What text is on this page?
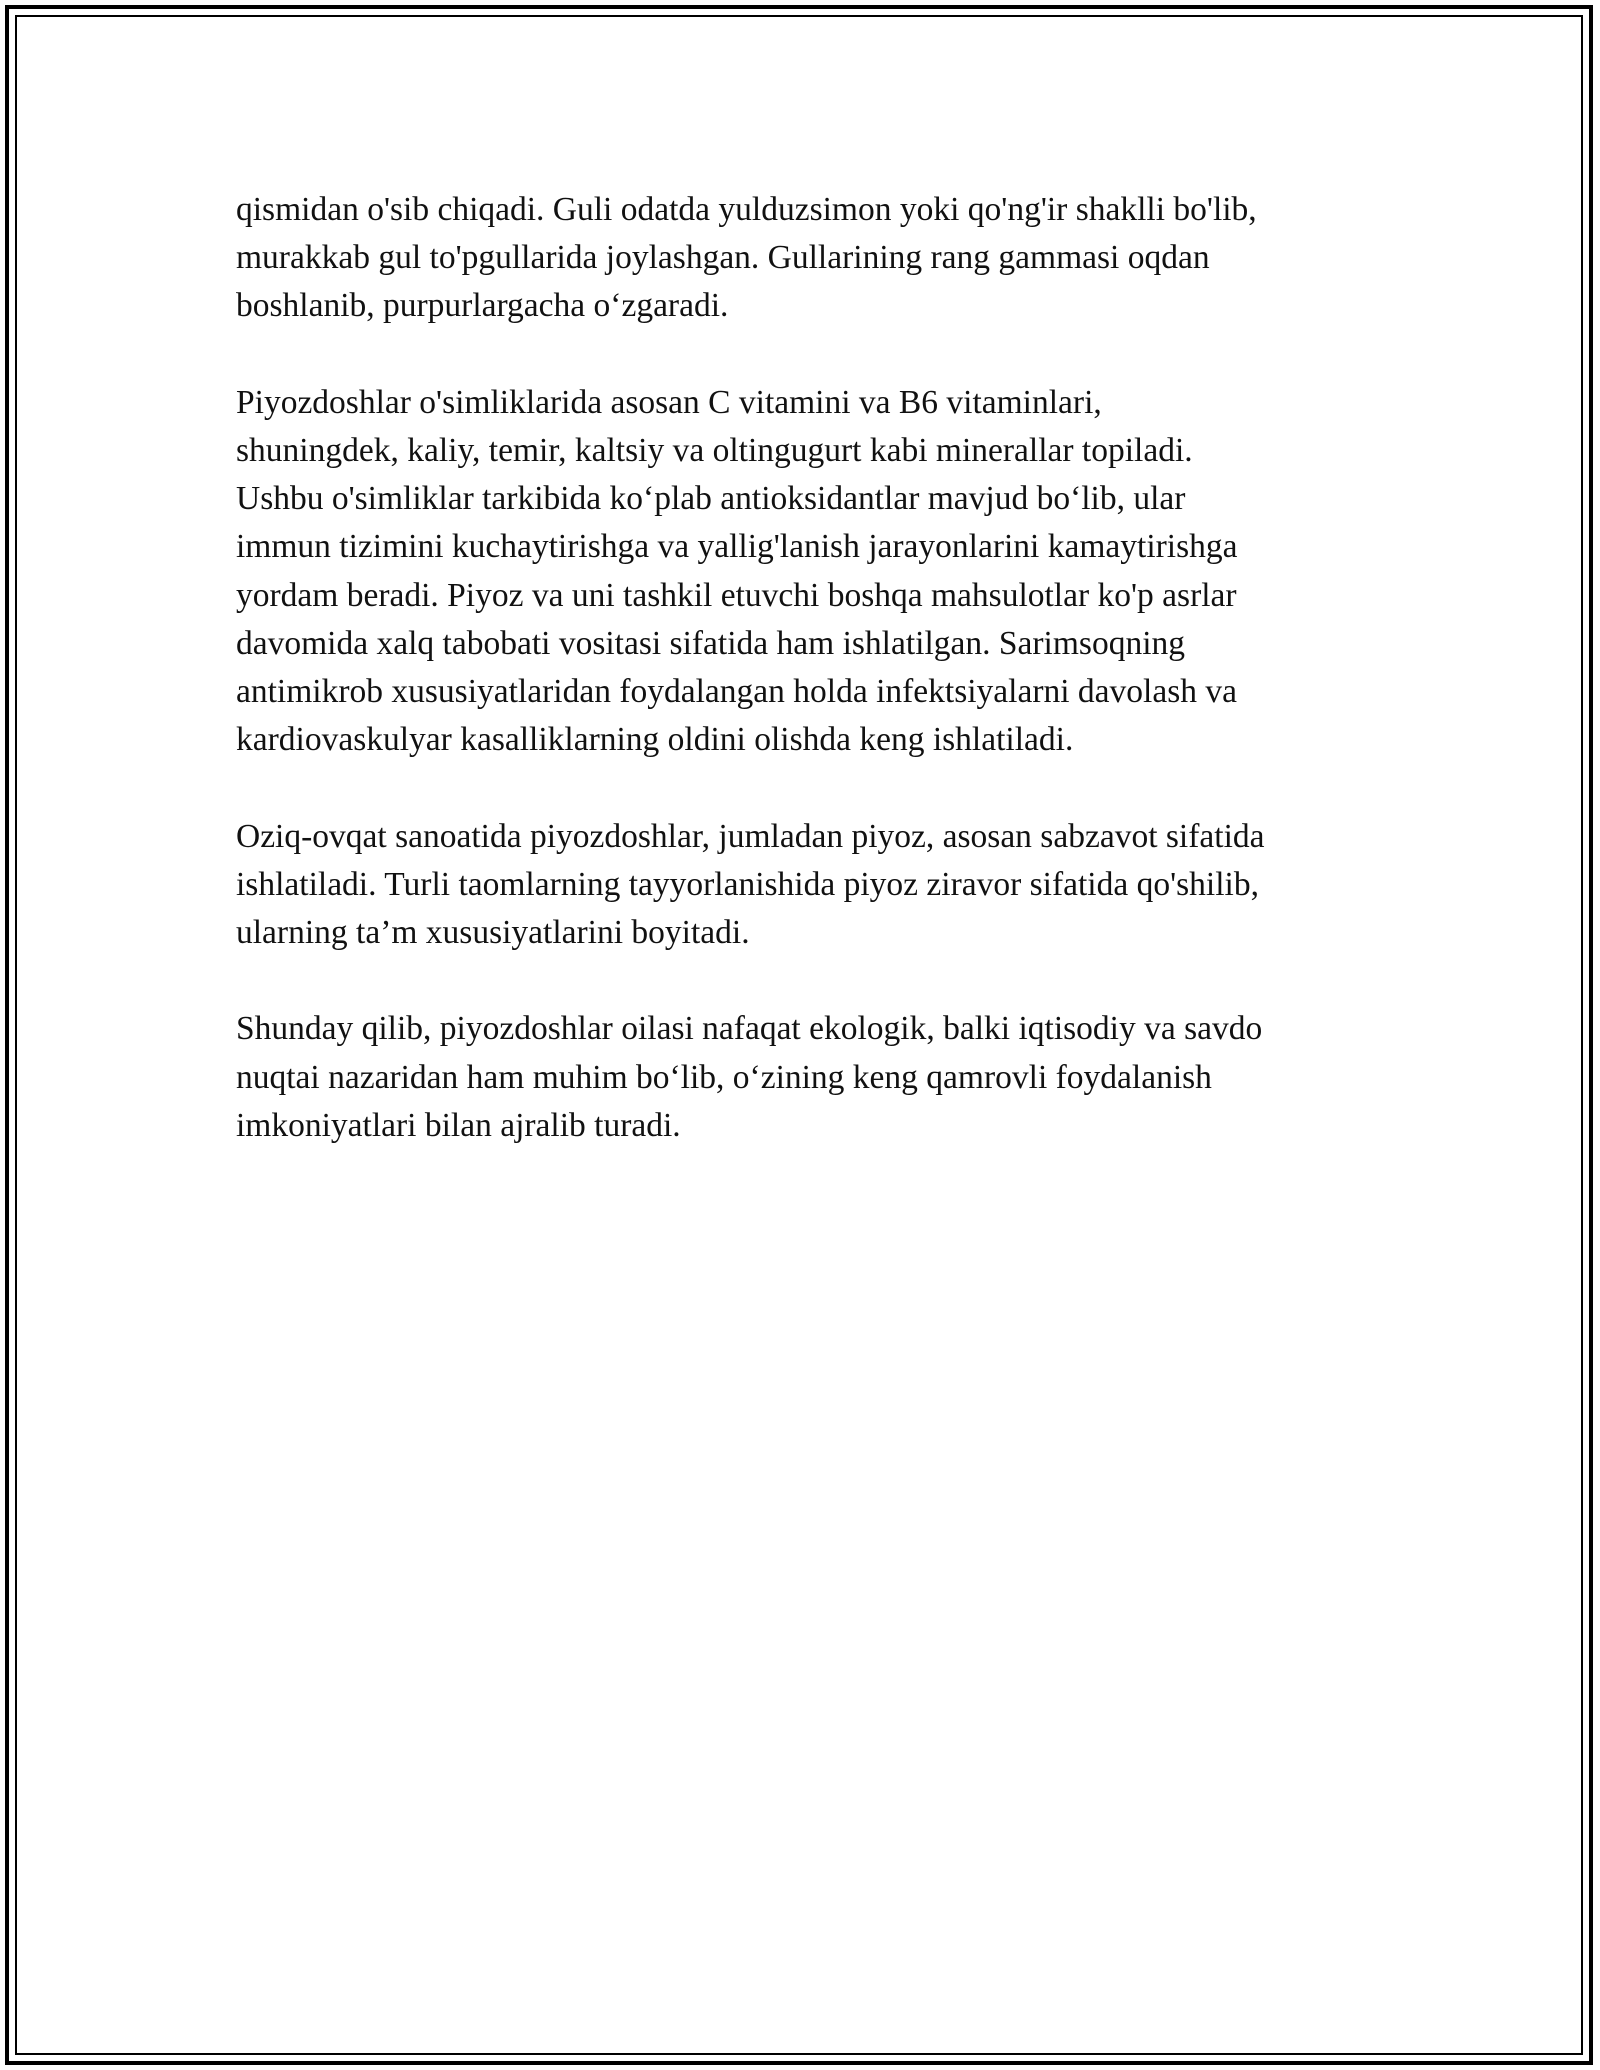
qismidan o'sib chiqadi. Guli odatda yulduzsimon yoki qo'ng'ir shaklli bo'lib,
murakkab gul to'pgullarida joylashgan. Gullarining rang gammasi oqdan
boshlanib, purpurlargacha o‘zgaradi.

Piyozdoshlar o'simliklarida asosan C vitamini va B6 vitaminlari,
shuningdek, kaliy, temir, kaltsiy va oltingugurt kabi minerallar topiladi.
Ushbu o'simliklar tarkibida ko‘plab antioksidantlar mavjud bo‘lib, ular
immun tizimini kuchaytirishga va yallig'lanish jarayonlarini kamaytirishga
yordam beradi. Piyoz va uni tashkil etuvchi boshqa mahsulotlar ko'p asrlar
davomida xalq tabobati vositasi sifatida ham ishlatilgan. Sarimsoqning
antimikrob xususiyatlaridan foydalangan holda infektsiyalarni davolash va
kardiovaskulyar kasalliklarning oldini olishda keng ishlatiladi.

Oziq-ovqat sanoatida piyozdoshlar, jumladan piyoz, asosan sabzavot sifatida
ishlatiladi. Turli taomlarning tayyorlanishida piyoz ziravor sifatida qo'shilib,
ularning ta’m xususiyatlarini boyitadi.

Shunday qilib, piyozdoshlar oilasi nafaqat ekologik, balki iqtisodiy va savdo
nuqtai nazaridan ham muhim bo‘lib, o‘zining keng qamrovli foydalanish
imkoniyatlari bilan ajralib turadi.
